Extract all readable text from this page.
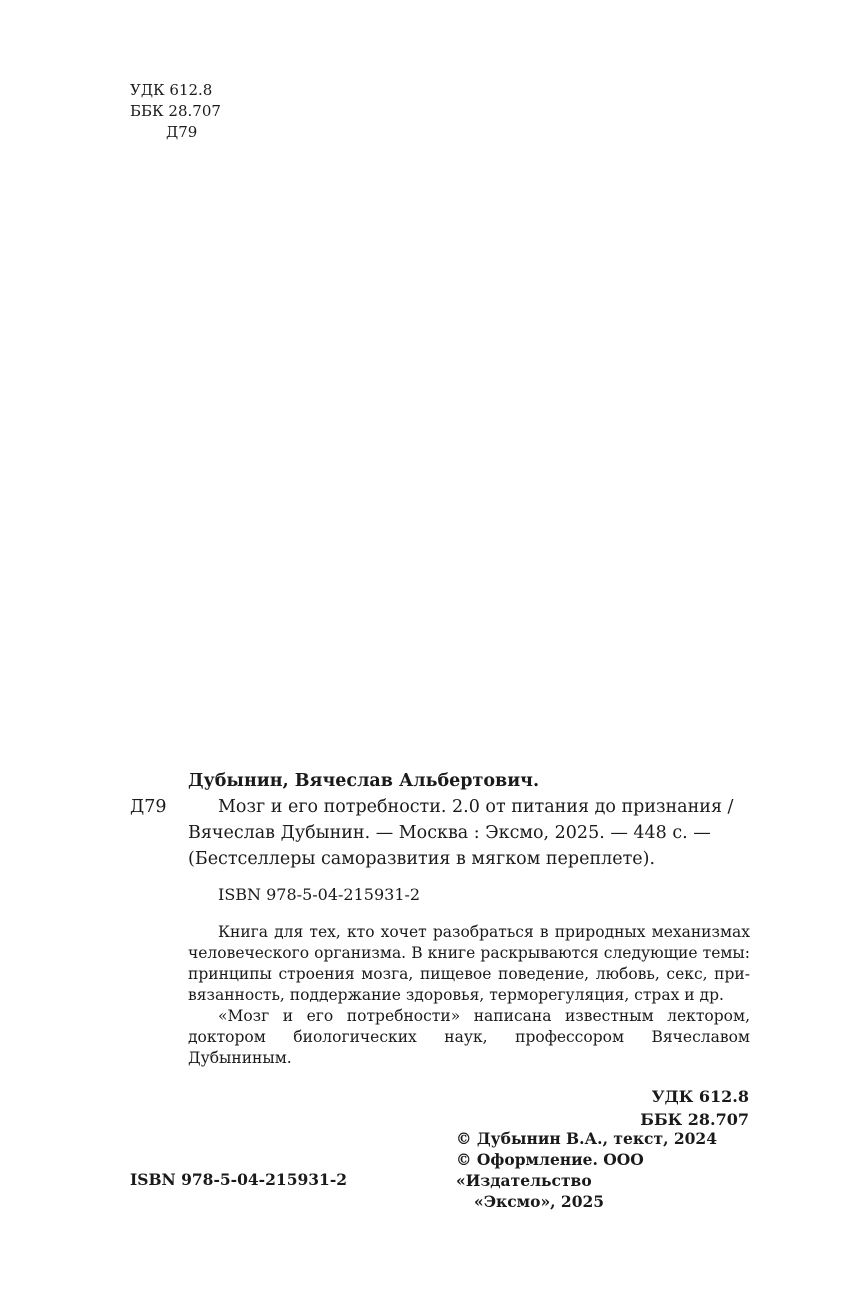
УДК 612.8
ББК 28.707
Д79
Дубынин, Вячеслав Альбертович.
Д79	Мозг и его потребности. 2.0 от питания до признания /
Вячеслав Дубынин. — Москва : Эксмо, 2025. — 448 с. —
(Бестселлеры саморазвития в мягком переплете).
ISBN 978-5-04-215931-2

Книга для тех, кто хочет разобраться в природных механизмах человеческого организма. В книге раскрываются следующие темы: принципы строения мозга, пищевое поведение, любовь, секс, привязанность, поддержание здоровья, терморегуляция, страх и др.

«Мозг и его потребности» написана известным лектором, доктором биологических наук, профессором Вячеславом Дубыниным.

УДК 612.8
ББК 28.707
© Дубынин В.А., текст, 2024
© Оформление. ООО «Издательство
«Эксмо», 2025
ISBN 978-5-04-215931-2
